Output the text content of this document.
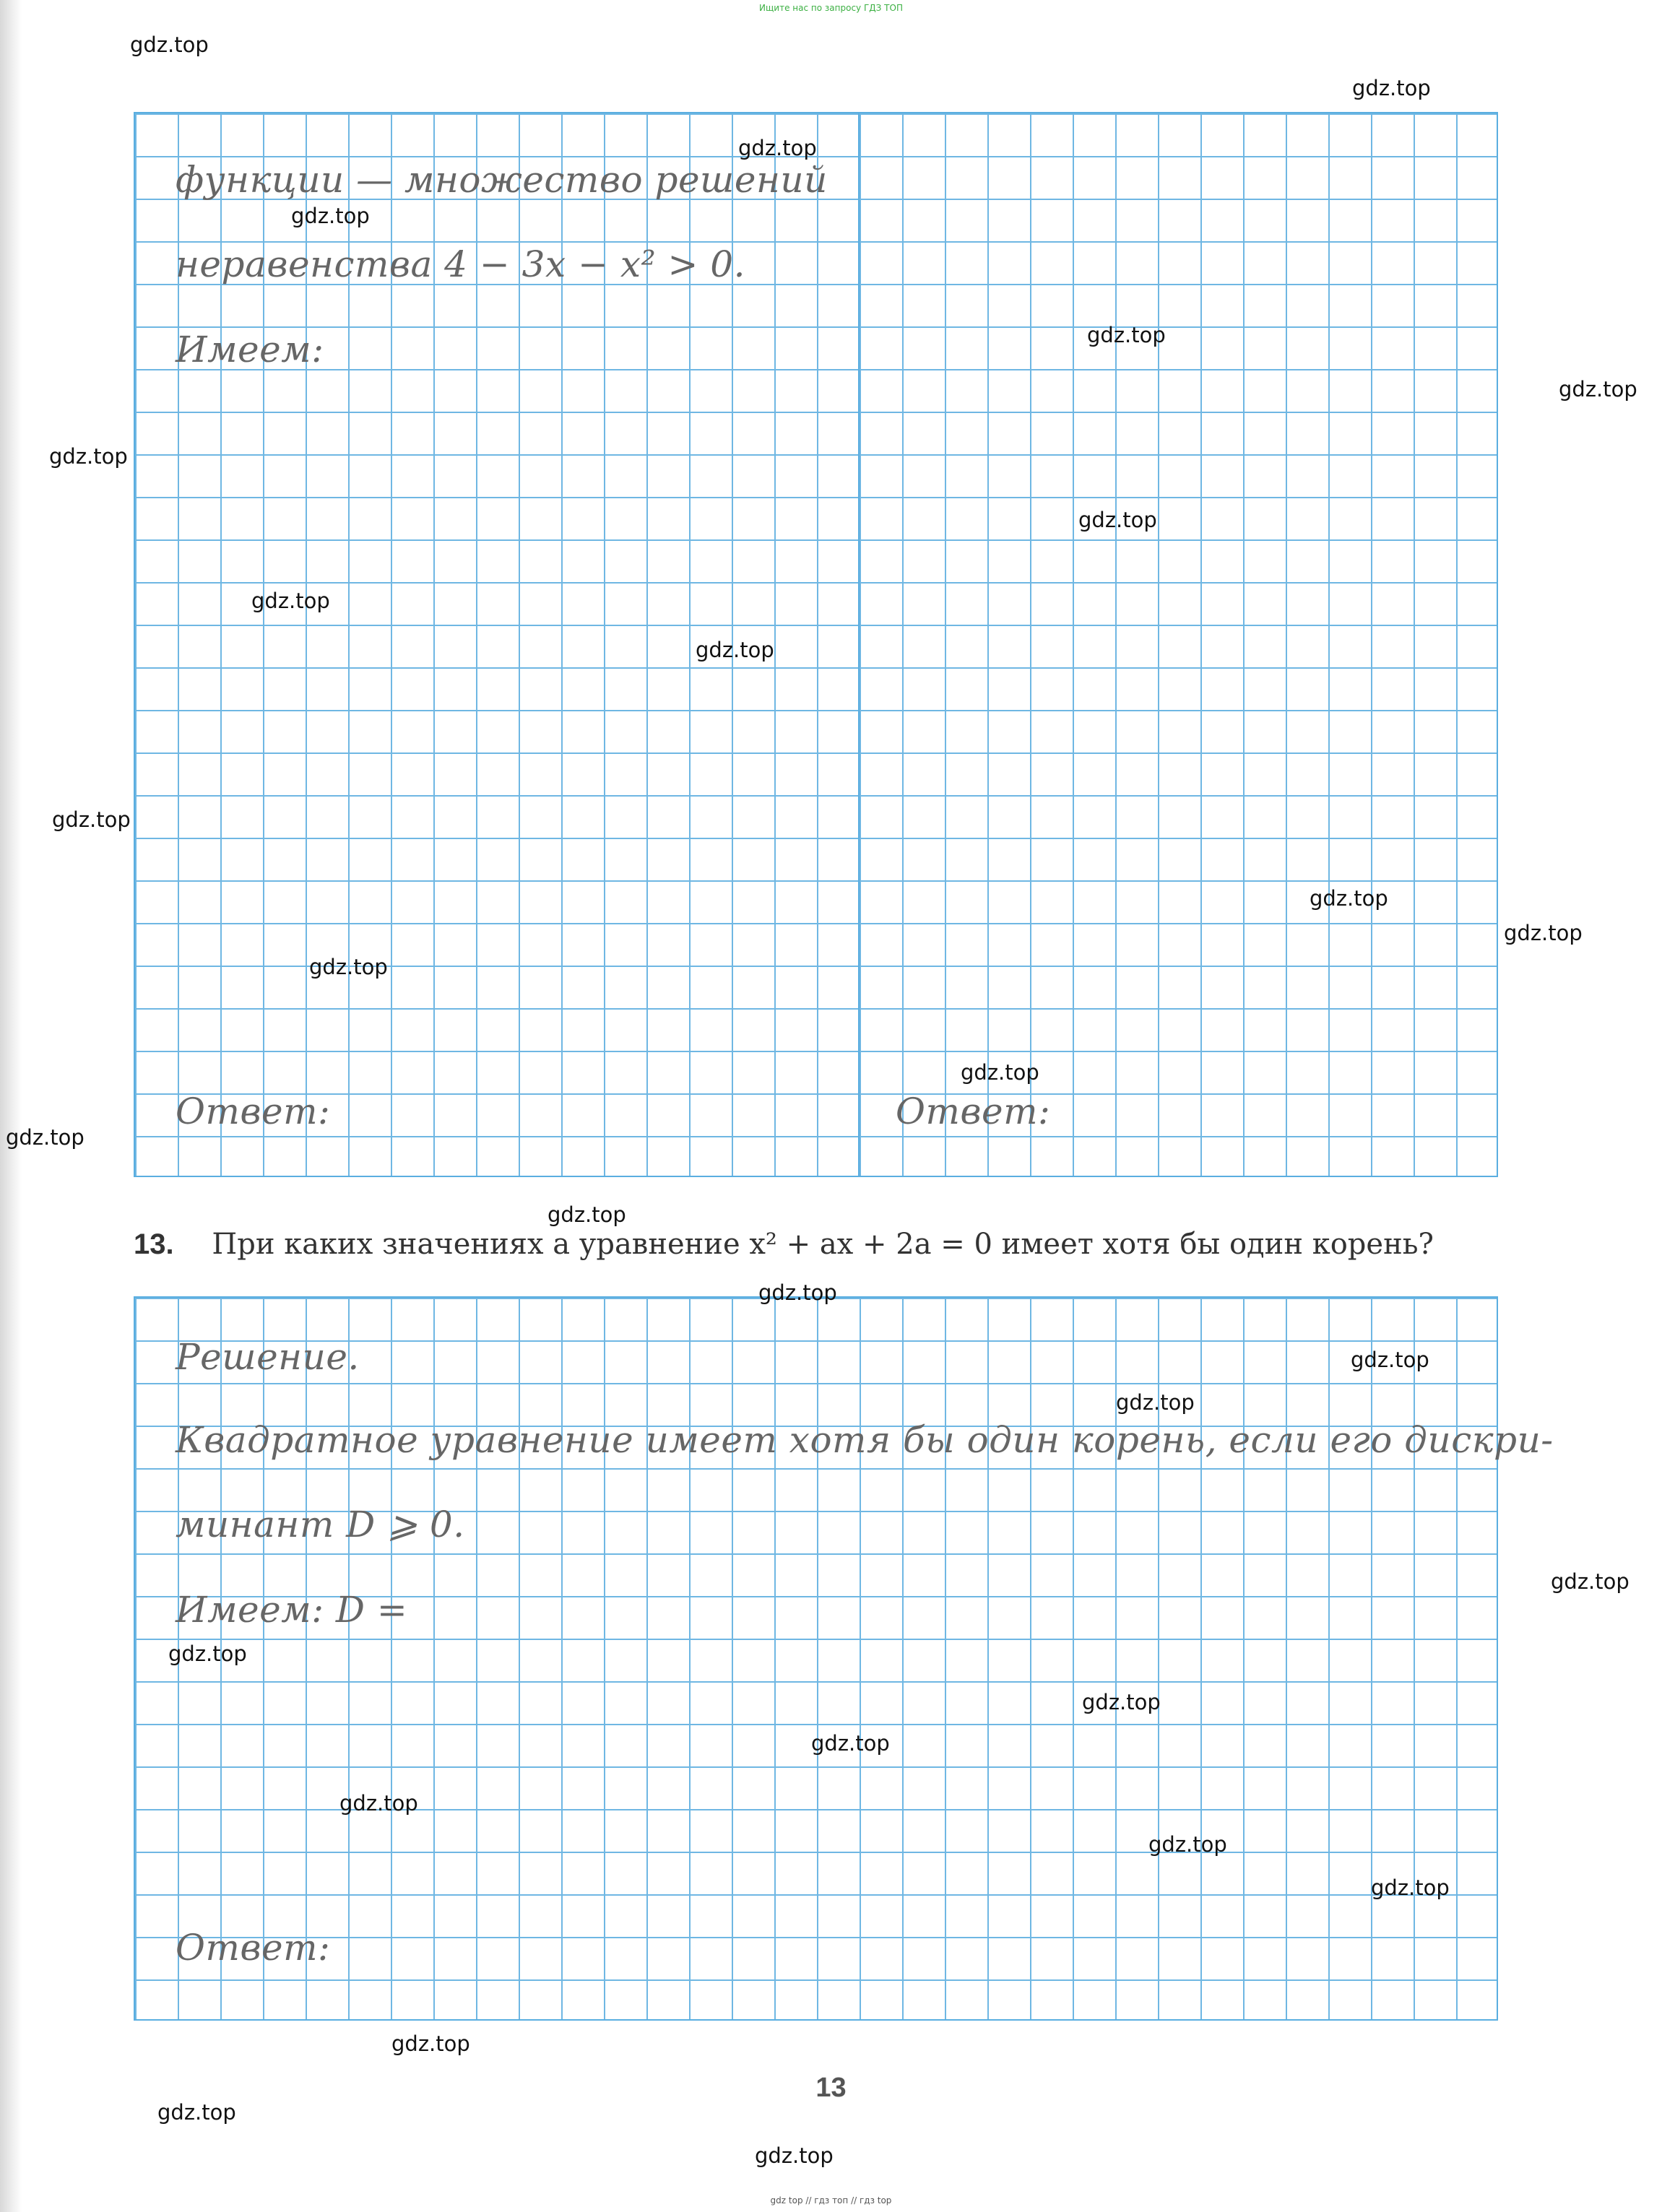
Ищите нас по запросу ГДЗ ТОП
функции — множество решений
неравенства 4 − 3x − x² > 0.
Имеем:
Ответ:	Ответ:
13. При каких значениях a уравнение x² + ax + 2a = 0 имеет хотя бы один корень?
Решение.
Квадратное уравнение имеет хотя бы один корень, если его дискри-
минант D ⩾ 0.
Имеем: D =
Ответ:
13
gdz.top
gdz.top
gdz.top
gdz.top
gdz.top
gdz.top
gdz.top
gdz.top
gdz.top
gdz.top
gdz.top
gdz.top
gdz.top
gdz.top
gdz.top
gdz.top
gdz.top
gdz.top
gdz.top
gdz.top
gdz.top
gdz.top
gdz.top
gdz.top
gdz.top
gdz.top
gdz.top
gdz.top
gdz.top
gdz.top
gdz top // гдз топ // гдз top
